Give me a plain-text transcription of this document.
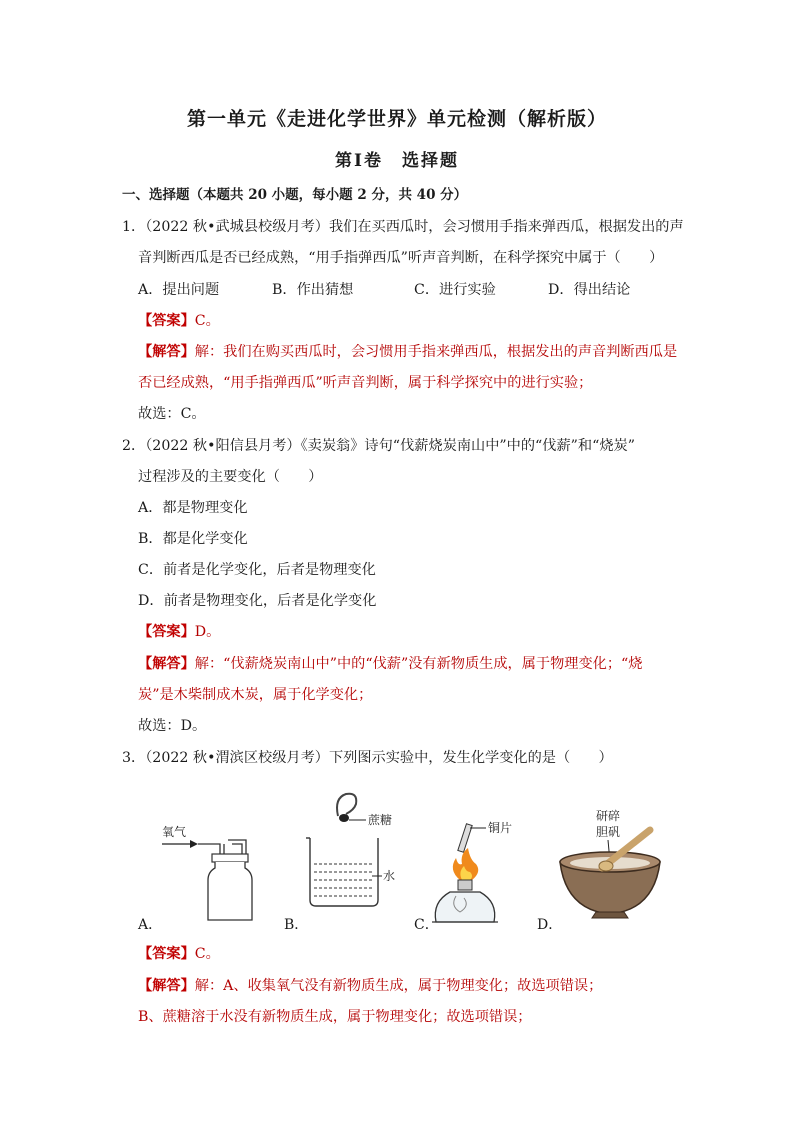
第一单元《走进化学世界》单元检测（解析版）
第Ⅰ卷　选择题
一、选择题（本题共 20 小题，每小题 2 分，共 40 分）
1．（2022 秋•武城县校级月考）我们在买西瓜时，会习惯用手指来弹西瓜，根据发出的声
音判断西瓜是否已经成熟，“用手指弹西瓜”听声音判断，在科学探究中属于（　　）
A．提出问题	B．作出猜想	C．进行实验	D．得出结论
【答案】C。
【解答】解：我们在购买西瓜时，会习惯用手指来弹西瓜，根据发出的声音判断西瓜是
否已经成熟，“用手指弹西瓜”听声音判断，属于科学探究中的进行实验；
故选：C。
2．（2022 秋•阳信县月考）《卖炭翁》诗句“伐薪烧炭南山中”中的“伐薪”和“烧炭”
过程涉及的主要变化（　　）
A．都是物理变化
B．都是化学变化
C．前者是化学变化，后者是物理变化
D．前者是物理变化，后者是化学变化
【答案】D。
【解答】解：“伐薪烧炭南山中”中的“伐薪”没有新物质生成，属于物理变化；“烧
炭”是木柴制成木炭，属于化学变化；
故选：D。
3．（2022 秋•渭滨区校级月考）下列图示实验中，发生化学变化的是（　　）
氧气
蔗糖
水
铜片
研碎
胆矾
A．	B．	C．	D．
【答案】C。
【解答】解：A、收集氧气没有新物质生成，属于物理变化；故选项错误；
B、蔗糖溶于水没有新物质生成，属于物理变化；故选项错误；
